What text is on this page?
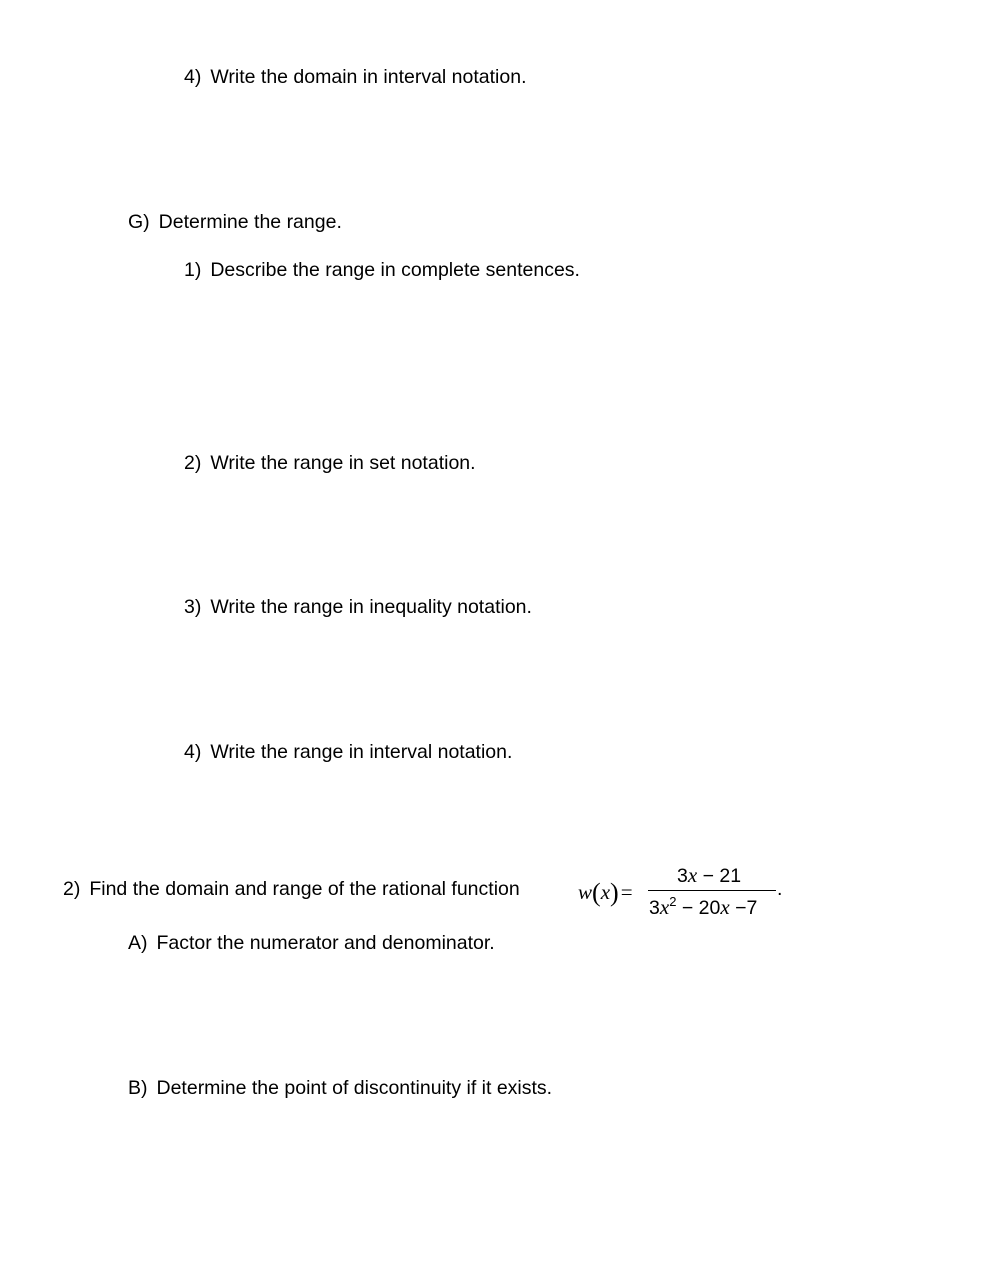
4) Write the domain in interval notation.
G) Determine the range.
1) Describe the range in complete sentences.
2) Write the range in set notation.
3) Write the range in inequality notation.
4) Write the range in interval notation.
2) Find the domain and range of the rational function	w(x)=
3x − 21
$3x^2 - 20x -7$
.
A) Factor the numerator and denominator.
B) Determine the point of discontinuity if it exists.
